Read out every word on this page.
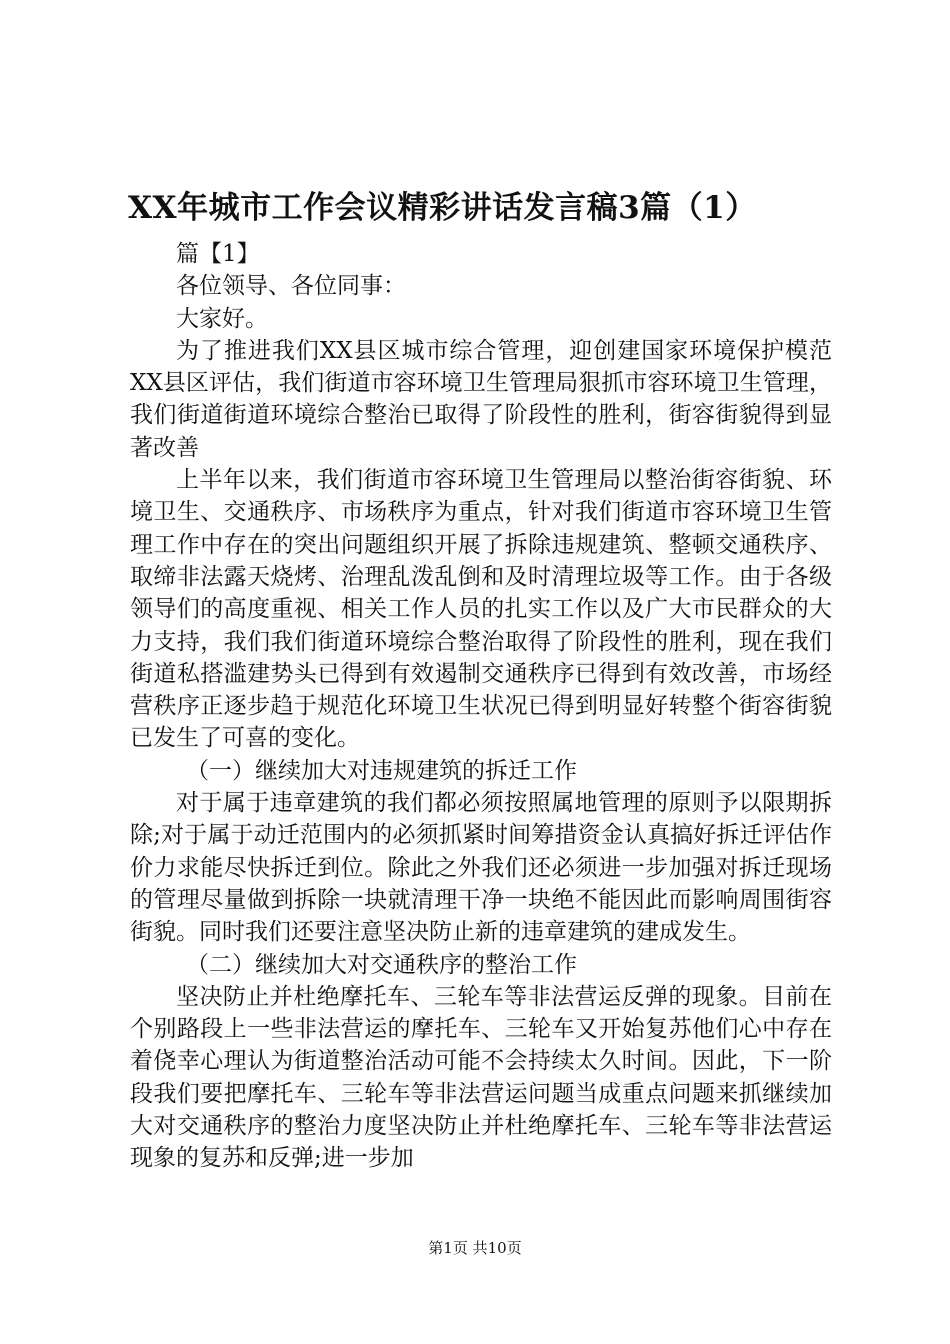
XX年城市工作会议精彩讲话发言稿3篇（1）

篇【1】

各位领导、各位同事：

大家好。

为了推进我们XX县区城市综合管理，迎创建国家环境保护模范XX县区评估，我们街道市容环境卫生管理局狠抓市容环境卫生管理，我们街道街道环境综合整治已取得了阶段性的胜利，街容街貌得到显著改善

上半年以来，我们街道市容环境卫生管理局以整治街容街貌、环境卫生、交通秩序、市场秩序为重点，针对我们街道市容环境卫生管理工作中存在的突出问题组织开展了拆除违规建筑、整顿交通秩序、取缔非法露天烧烤、治理乱泼乱倒和及时清理垃圾等工作。由于各级领导们的高度重视、相关工作人员的扎实工作以及广大市民群众的大力支持，我们我们街道环境综合整治取得了阶段性的胜利，现在我们街道私搭滥建势头已得到有效遏制交通秩序已得到有效改善，市场经营秩序正逐步趋于规范化环境卫生状况已得到明显好转整个街容街貌已发生了可喜的变化。

（一）继续加大对违规建筑的拆迁工作

对于属于违章建筑的我们都必须按照属地管理的原则予以限期拆除;对于属于动迁范围内的必须抓紧时间筹措资金认真搞好拆迁评估作价力求能尽快拆迁到位。除此之外我们还必须进一步加强对拆迁现场的管理尽量做到拆除一块就清理干净一块绝不能因此而影响周围街容街貌。同时我们还要注意坚决防止新的违章建筑的建成发生。

（二）继续加大对交通秩序的整治工作

坚决防止并杜绝摩托车、三轮车等非法营运反弹的现象。目前在个别路段上一些非法营运的摩托车、三轮车又开始复苏他们心中存在着侥幸心理认为街道整治活动可能不会持续太久时间。因此，下一阶段我们要把摩托车、三轮车等非法营运问题当成重点问题来抓继续加大对交通秩序的整治力度坚决防止并杜绝摩托车、三轮车等非法营运现象的复苏和反弹;进一步加

第1页 共10页
